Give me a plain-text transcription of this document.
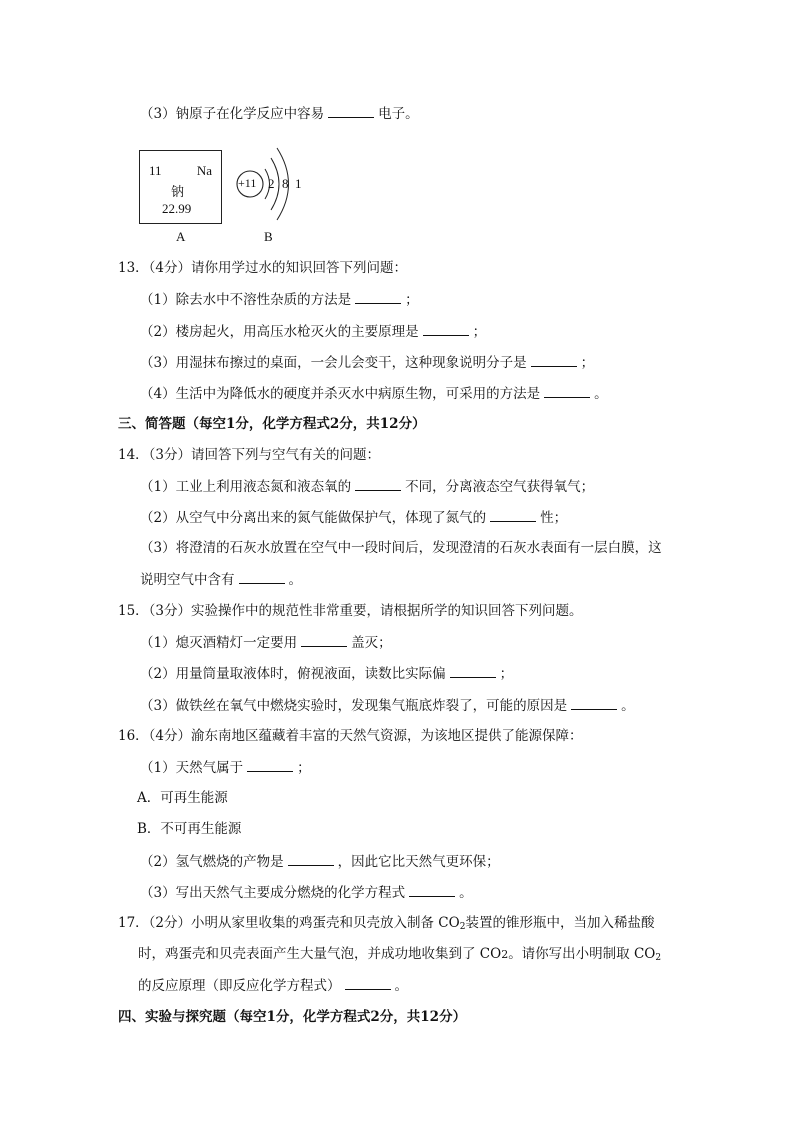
（3）钠原子在化学反应中容易	电子。
11	Na
钠
22.99
A
+11 2 8 1
B
13．（4分）请你用学过水的知识回答下列问题：
（1）除去水中不溶性杂质的方法是	；
（2）楼房起火，用高压水枪灭火的主要原理是	；
（3）用湿抹布擦过的桌面，一会儿会变干，这种现象说明分子是	；
（4）生活中为降低水的硬度并杀灭水中病原生物，可采用的方法是	。
三、简答题（每空1分，化学方程式2分，共12分）
14．（3分）请回答下列与空气有关的问题：
（1）工业上利用液态氮和液态氧的	不同，分离液态空气获得氧气；
（2）从空气中分离出来的氮气能做保护气，体现了氮气的	性；
（3）将澄清的石灰水放置在空气中一段时间后，发现澄清的石灰水表面有一层白膜，这
说明空气中含有	。
15．（3分）实验操作中的规范性非常重要，请根据所学的知识回答下列问题。
（1）熄灭酒精灯一定要用	盖灭；
（2）用量筒量取液体时，俯视液面，读数比实际偏	；
（3）做铁丝在氧气中燃烧实验时，发现集气瓶底炸裂了，可能的原因是	。
16．（4分）渝东南地区蕴藏着丰富的天然气资源，为该地区提供了能源保障：
（1）天然气属于	；
A．可再生能源
B．不可再生能源
（2）氢气燃烧的产物是	，因此它比天然气更环保；
（3）写出天然气主要成分燃烧的化学方程式	。
17．（2分）小明从家里收集的鸡蛋壳和贝壳放入制备 $CO_2$装置的锥形瓶中，当加入稀盐酸
时，鸡蛋壳和贝壳表面产生大量气泡，并成功地收集到了 CO2。请你写出小明制取 $CO_2$
的反应原理（即反应化学方程式）	。
四、实验与探究题（每空1分，化学方程式2分，共12分）
